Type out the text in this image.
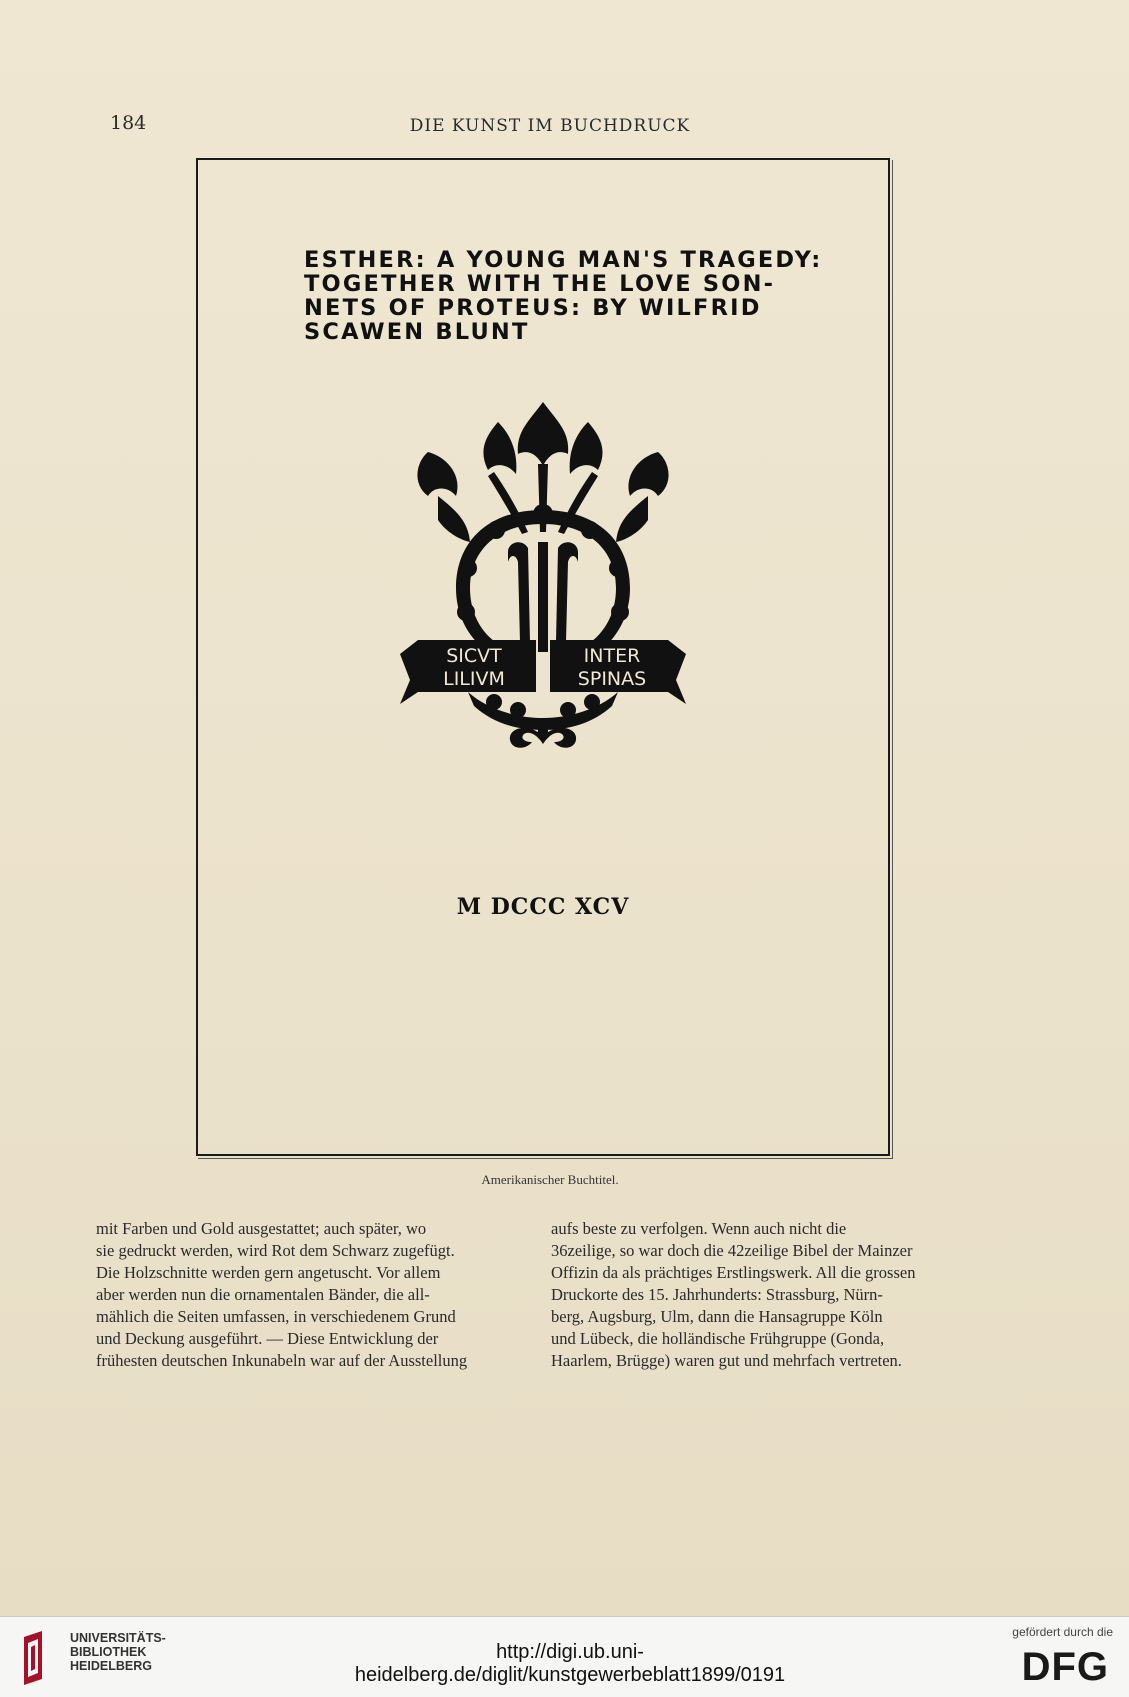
184	DIE KUNST IM BUCHDRUCK
ESTHER: A YOUNG MAN'S TRAGEDY:
TOGETHER WITH THE LOVE SON-
NETS OF PROTEUS: BY WILFRID
SCAWEN BLUNT
SICVT
LILIVM
INTER
SPINAS
M DCCC XCV
Amerikanischer Buchtitel.

mit Farben und Gold ausgestattet; auch später, wo

sie gedruckt werden, wird Rot dem Schwarz zugefügt.

Die Holzschnitte werden gern angetuscht. Vor allem

aber werden nun die ornamentalen Bänder, die all-

mählich die Seiten umfassen, in verschiedenem Grund

und Deckung ausgeführt. — Diese Entwicklung der

frühesten deutschen Inkunabeln war auf der Ausstellung

aufs beste zu verfolgen. Wenn auch nicht die

36zeilige, so war doch die 42zeilige Bibel der Mainzer

Offizin da als prächtiges Erstlingswerk. All die grossen

Druckorte des 15. Jahrhunderts: Strassburg, Nürn-

berg, Augsburg, Ulm, dann die Hansagruppe Köln

und Lübeck, die holländische Frühgruppe (Gonda,

Haarlem, Brügge) waren gut und mehrfach vertreten.

UNIVERSITÄTS-
BIBLIOTHEK
HEIDELBERG
http://digi.ub.uni-heidelberg.de/diglit/kunstgewerbeblatt1899/0191
gefördert durch die
DFG
